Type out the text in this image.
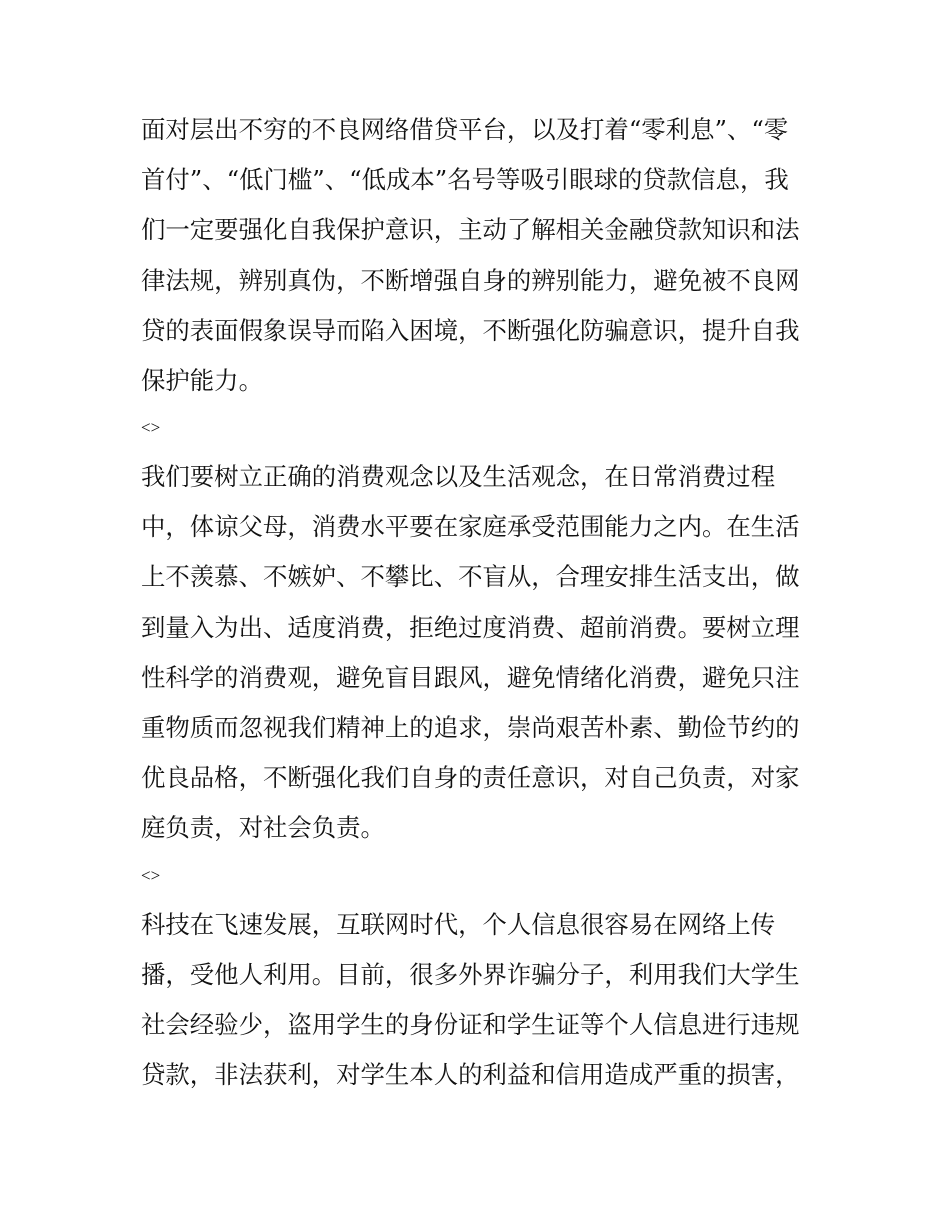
面对层出不穷的不良网络借贷平台，以及打着“零利息”、“零
首付”、“低门槛”、“低成本”名号等吸引眼球的贷款信息，我
们一定要强化自我保护意识，主动了解相关金融贷款知识和法
律法规，辨别真伪，不断增强自身的辨别能力，避免被不良网
贷的表面假象误导而陷入困境，不断强化防骗意识，提升自我
保护能力。
<>
我们要树立正确的消费观念以及生活观念，在日常消费过程
中，体谅父母，消费水平要在家庭承受范围能力之内。在生活
上不羡慕、不嫉妒、不攀比、不盲从，合理安排生活支出，做
到量入为出、适度消费，拒绝过度消费、超前消费。要树立理
性科学的消费观，避免盲目跟风，避免情绪化消费，避免只注
重物质而忽视我们精神上的追求，崇尚艰苦朴素、勤俭节约的
优良品格，不断强化我们自身的责任意识，对自己负责，对家
庭负责，对社会负责。
<>
科技在飞速发展，互联网时代，个人信息很容易在网络上传
播，受他人利用。目前，很多外界诈骗分子，利用我们大学生
社会经验少，盗用学生的身份证和学生证等个人信息进行违规
贷款，非法获利，对学生本人的利益和信用造成严重的损害，
